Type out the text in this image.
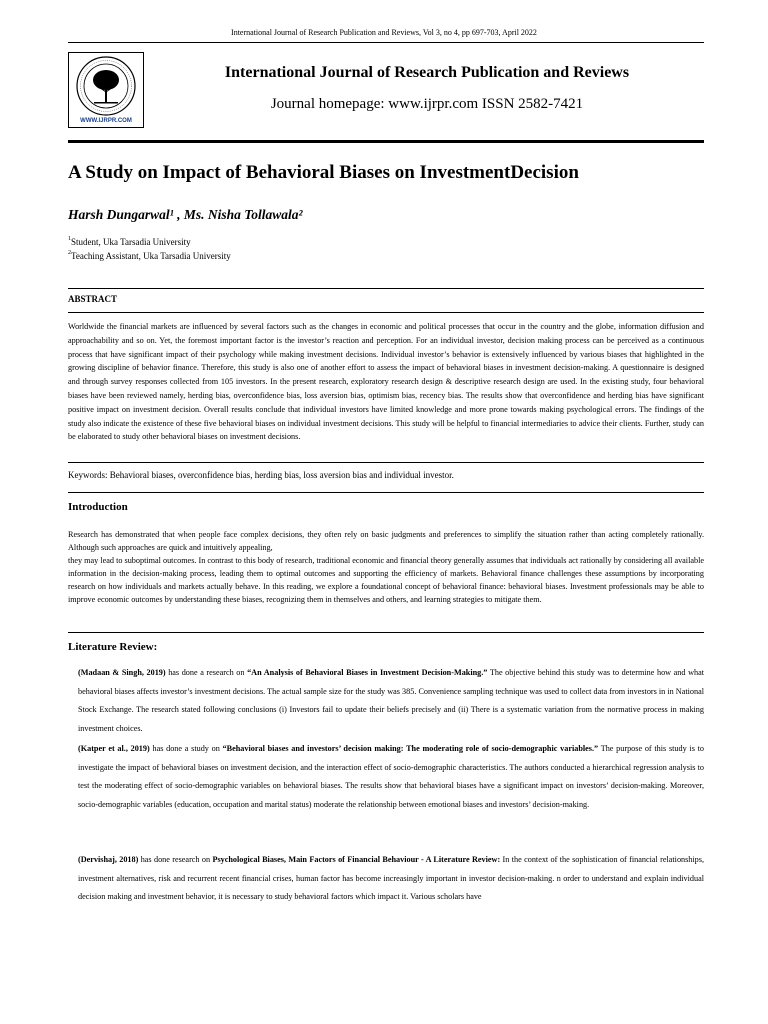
International Journal of Research Publication and Reviews, Vol 3, no 4, pp 697-703, April 2022
WWW.IJRPR.COM
International Journal of Research Publication and Reviews
Journal homepage: www.ijrpr.com ISSN 2582-7421
A Study on Impact of Behavioral Biases on InvestmentDecision
Harsh Dungarwal¹ , Ms. Nisha Tollawala²
$^1$Student, Uka Tarsadia University
$^2$Teaching Assistant, Uka Tarsadia University
ABSTRACT
Worldwide the financial markets are influenced by several factors such as the changes in economic and political processes that occur in the country and the globe, information diffusion and approachability and so on. Yet, the foremost important factor is the investor’s reaction and perception. For an individual investor, decision making process can be perceived as a continuous process that have significant impact of their psychology while making investment decisions. Individual investor’s behavior is extensively influenced by various biases that highlighted in the growing discipline of behavior finance. Therefore, this study is also one of another effort to assess the impact of behavioral biases in investment decision-making. A questionnaire is designed and through survey responses collected from 105 investors. In the present research, exploratory research design & descriptive research design are used. In the existing study, four behavioral biases have been reviewed namely, herding bias, overconfidence bias, loss aversion bias, optimism bias, recency bias. The results show that overconfidence and herding bias have significant positive impact on investment decision. Overall results conclude that individual investors have limited knowledge and more prone towards making psychological errors. The findings of the study also indicate the existence of these five behavioral biases on individual investment decisions. This study will be helpful to financial intermediaries to advice their clients. Further, study can be elaborated to study other behavioral biases on investment decisions.
Keywords: Behavioral biases, overconfidence bias, herding bias, loss aversion bias and individual investor.
Introduction

Research has demonstrated that when people face complex decisions, they often rely on basic judgments and preferences to simplify the situation rather than acting completely rationally. Although such approaches are quick and intuitively appealing,

they may lead to suboptimal outcomes. In contrast to this body of research, traditional economic and financial theory generally assumes that individuals act rationally by considering all available information in the decision-making process, leading them to optimal outcomes and supporting the efficiency of markets. Behavioral finance challenges these assumptions by incorporating research on how individuals and markets actually behave. In this reading, we explore a foundational concept of behavioral finance: behavioral biases. Investment professionals may be able to improve economic outcomes by understanding these biases, recognizing them in themselves and others, and learning strategies to mitigate them.

Literature Review:
(Madaan & Singh, 2019) has done a research on “An Analysis of Behavioral Biases in Investment Decision-Making.” The objective behind this study was to determine how and what behavioral biases affects investor’s investment decisions. The actual sample size for the study was 385. Convenience sampling technique was used to collect data from investors in in National Stock Exchange. The research stated following conclusions (i) Investors fail to update their beliefs precisely and (ii) There is a systematic variation from the normative process in making investment choices.
(Katper et al., 2019) has done a study on “Behavioral biases and investors’ decision making: The moderating role of socio-demographic variables.” The purpose of this study is to investigate the impact of behavioral biases on investment decision, and the interaction effect of socio-demographic characteristics. The authors conducted a hierarchical regression analysis to test the moderating effect of socio-demographic variables on behavioral biases. The results show that behavioral biases have a significant impact on investors’ decision-making. Moreover, socio-demographic variables (education, occupation and marital status) moderate the relationship between emotional biases and investors’ decision-making.
(Dervishaj, 2018) has done research on Psychological Biases, Main Factors of Financial Behaviour - A Literature Review: In the context of the sophistication of financial relationships, investment alternatives, risk and recurrent recent financial crises, human factor has become increasingly important in investor decision-making. n order to understand and explain individual decision making and investment behavior, it is necessary to study behavioral factors which impact it. Various scholars have
